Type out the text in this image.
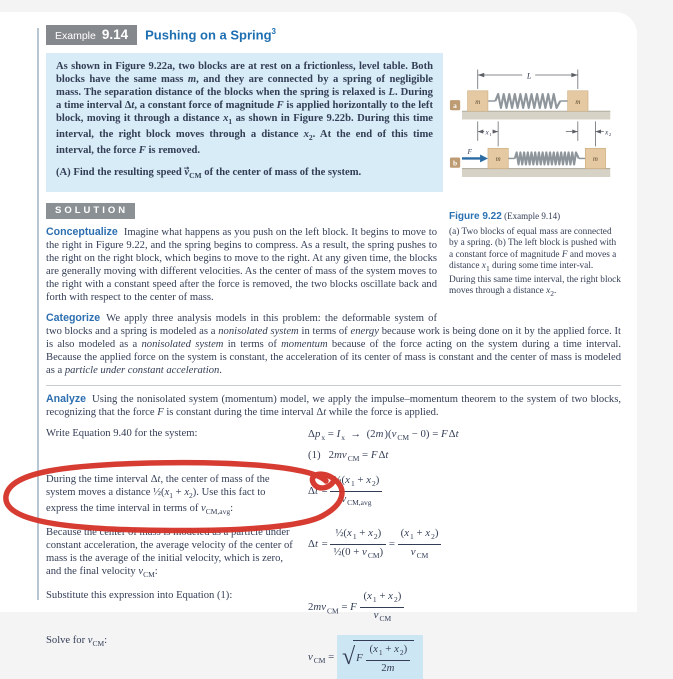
Example 9.14 Pushing on a Spring$^3$
L
m	m
a
x 1	x 2
m	m
F
b
Figure 9.22 (Example 9.14)

(a) Two blocks of equal mass are connected by a spring. (b) The left block is pushed with a constant force of magnitude F and moves a distance $x_1$ during some time inter‑val. During this same time interval, the right block moves through a distance $x_2$.

As shown in Figure 9.22a, two blocks are at rest on a frictionless, level table. Both blocks have the same mass m, and they are connected by a spring of negligible mass. The separation distance of the blocks when the spring is relaxed is L. During a time interval Δt, a constant force of magnitude F is applied horizontally to the left block, moving it through a distance $x_1$ as shown in Figure 9.22b. During this time interval, the right block moves through a distance $x_2$. At the end of this time interval, the force F is removed.
(A) Find the resulting speed $v_{CM}$ of the center of mass of the system.
SOLUTION

Conceptualize Imagine what happens as you push on the left block. It begins to move to the right in Figure 9.22, and the spring begins to compress. As a result, the spring pushes to the right on the right block, which begins to move to the right. At any given time, the blocks are generally moving with different velocities. As the center of mass of the system moves to the right with a constant speed after the force is removed, the two blocks oscillate back and forth with respect to the center of mass.

Categorize We apply three analysis models in this problem: the deformable system of two blocks and a spring is modeled as a nonisolated system in terms of energy because work is being done on it by the applied force. It is also modeled as a nonisolated system in terms of momentum because of the force acting on the system during a time interval. Because the applied force on the system is constant, the acceleration of its center of mass is constant and the center of mass is modeled as a particle under constant acceleration.

Analyze Using the nonisolated system (momentum) model, we apply the impulse–momentum theorem to the system of two blocks, recognizing that the force F is constant during the time interval Δt while the force is applied.

Write Equation 9.40 for the system:	$\Delta p_x = I_x \to (2m)(v_{CM} - 0) = F\Delta t$
(1)   $2mv_{CM} = F\Delta t$
During the time interval Δt, the center of mass of the system moves a distance $\frac{1}{2}(x_1 + x_2)$. Use this fact to express the time interval in terms of $v_{CM,avg}$:
$\Delta t = \frac{\frac{1}{2}(x_1 + x_2)}{v_{CM,avg}}$
Because the center of mass is modeled as a particle under constant acceleration, the average velocity of the center of mass is the average of the initial velocity, which is zero, and the final velocity $v_{CM}$:
$\Delta t = \frac{\frac{1}{2}(x_1 + x_2)}{\frac{1}{2}(0 + v_{CM})} = \frac{(x_1 + x_2)}{v_{CM}}$
Substitute this expression into Equation (1):
$2mv_{CM} = F \frac{(x_1 + x_2)}{v_{CM}}$
Solve for $v_{CM}$:
$v_{CM}$ = √ F $\frac{(x_1 + x_2)}{2m}$
